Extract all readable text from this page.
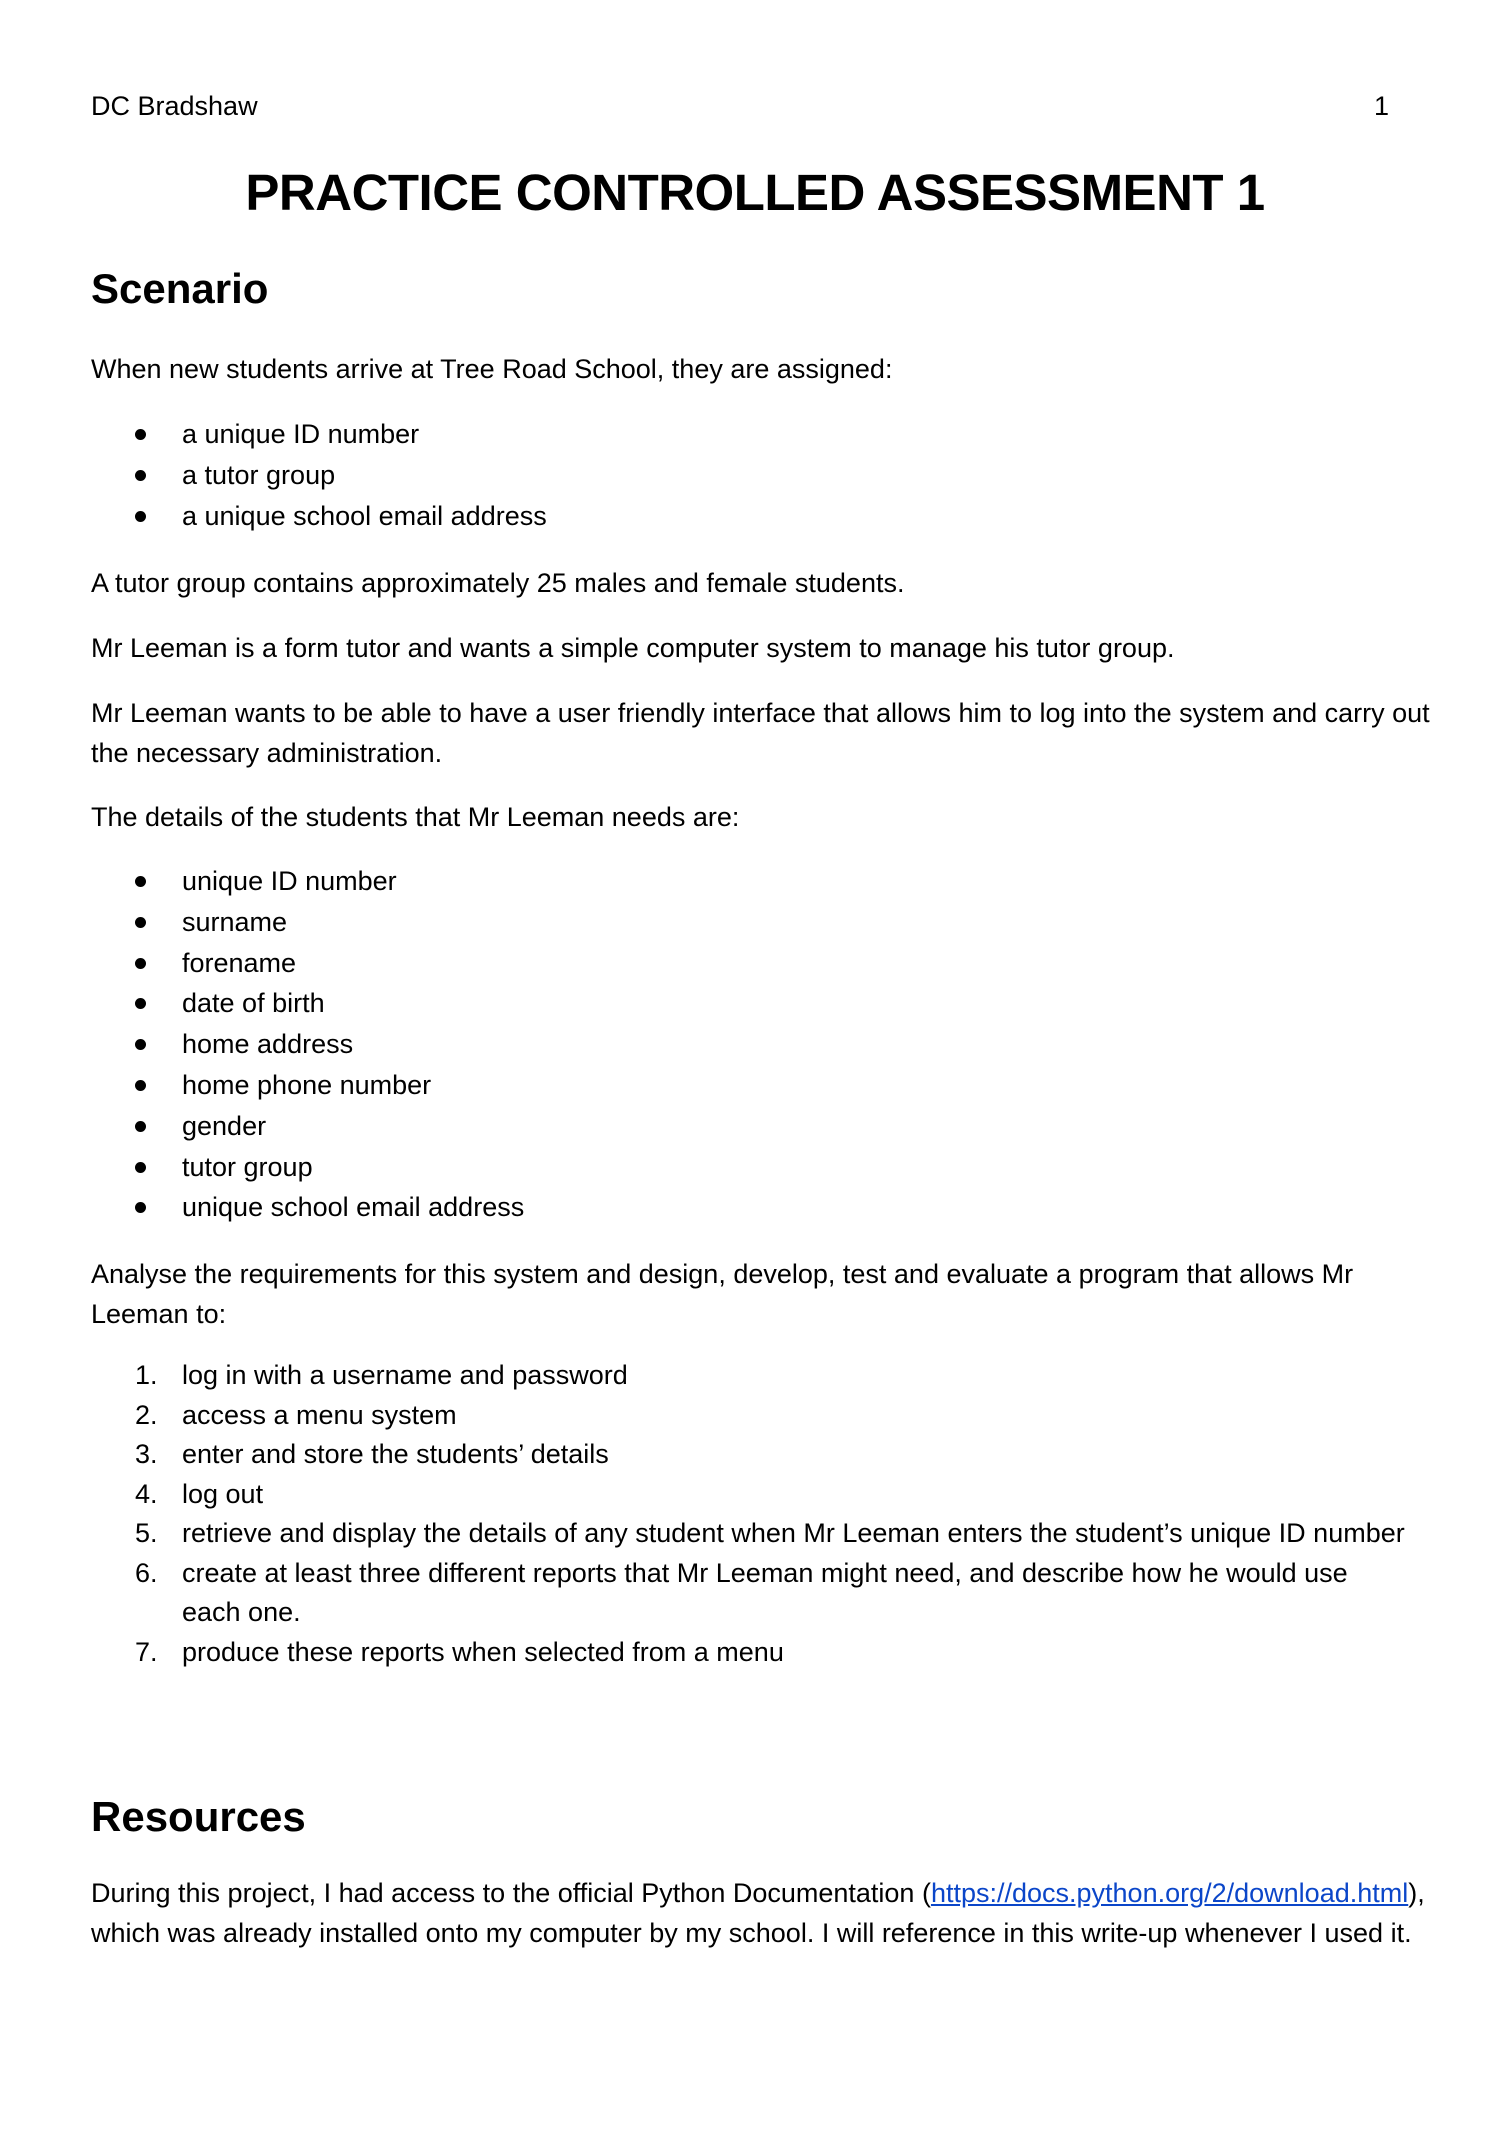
DC Bradshaw	1
PRACTICE CONTROLLED ASSESSMENT 1
Scenario

When new students arrive at Tree Road School, they are assigned:

a unique ID number
a tutor group
a unique school email address

A tutor group contains approximately 25 males and female students.

Mr Leeman is a form tutor and wants a simple computer system to manage his tutor group.

Mr Leeman wants to be able to have a user friendly interface that allows him to log into the system and carry out the necessary administration.

The details of the students that Mr Leeman needs are:

unique ID number
surname
forename
date of birth
home address
home phone number
gender
tutor group
unique school email address

Analyse the requirements for this system and design, develop, test and evaluate a program that allows Mr Leeman to:

1. log in with a username and password
2. access a menu system
3. enter and store the students’ details
4. log out
5. retrieve and display the details of any student when Mr Leeman enters the student’s unique ID number
6. create at least three different reports that Mr Leeman might need, and describe how he would use each one.
7. produce these reports when selected from a menu
Resources

During this project, I had access to the official Python Documentation (https://docs.python.org/2/download.html), which was already installed onto my computer by my school. I will reference in this write-up whenever I used it.
